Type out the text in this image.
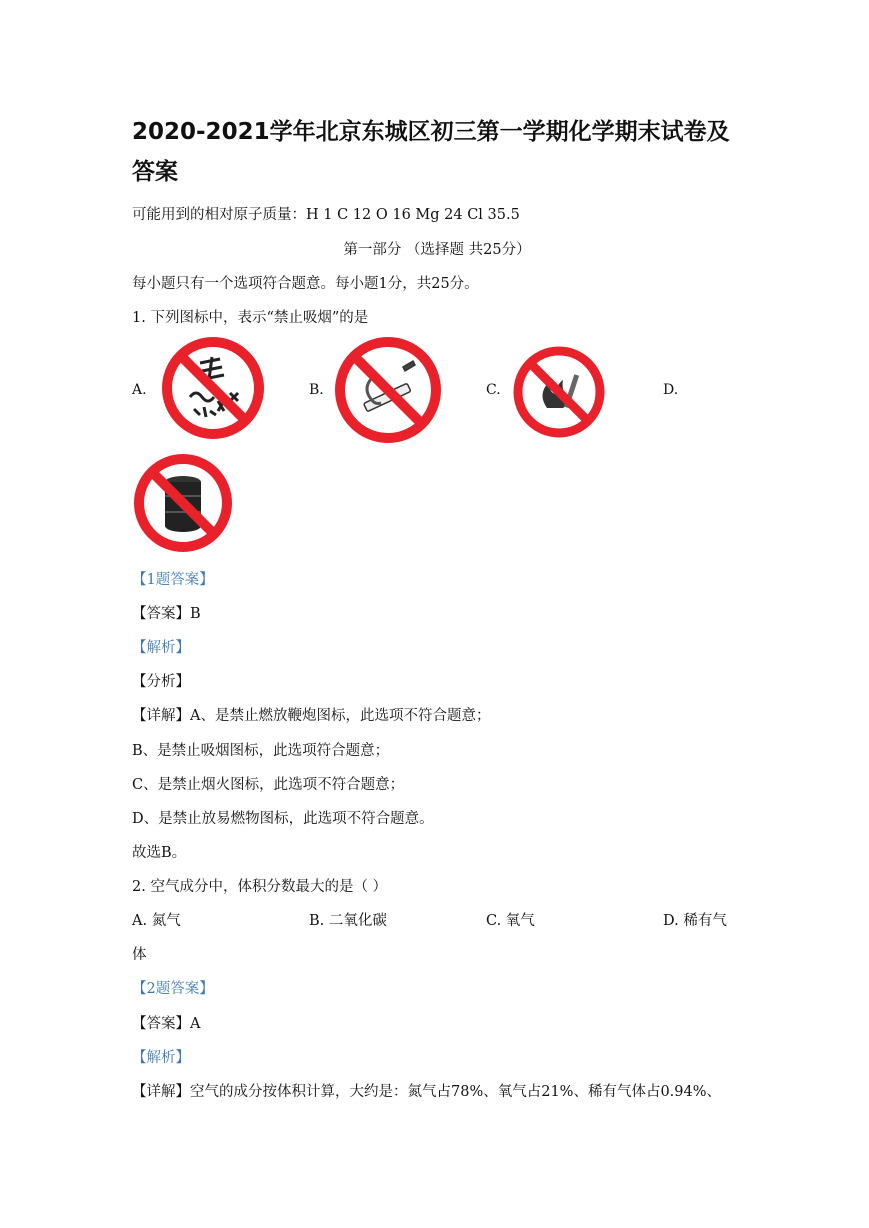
2020-2021学年北京东城区初三第一学期化学期末试卷及答案
可能用到的相对原子质量：H 1 C 12 O 16 Mg 24 Cl 35.5
第一部分 （选择题 共25分）
每小题只有一个选项符合题意。每小题1分，共25分。
1. 下列图标中，表示“禁止吸烟”的是
A.	B.	C.	D.
【1题答案】
【答案】B
【解析】
【分析】
【详解】A、是禁止燃放鞭炮图标，此选项不符合题意；
B、是禁止吸烟图标，此选项符合题意；
C、是禁止烟火图标，此选项不符合题意；
D、是禁止放易燃物图标，此选项不符合题意。
故选B。
2. 空气成分中，体积分数最大的是（ ）
A. 氮气	B. 二氧化碳	C. 氧气	D. 稀有气
体
【2题答案】
【答案】A
【解析】
【详解】空气的成分按体积计算，大约是：氮气占78%、氧气占21%、稀有气体占0.94%、
